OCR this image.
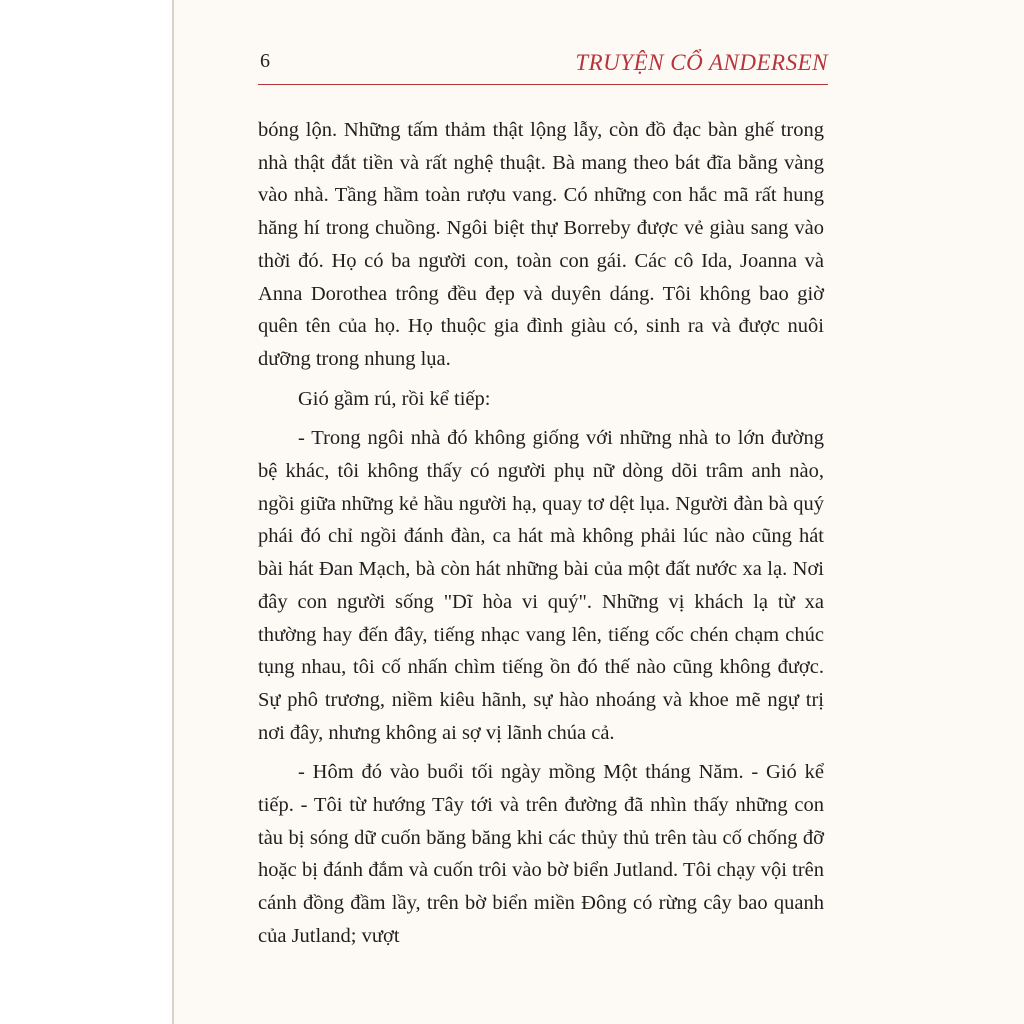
6	TRUYỆN CỔ ANDERSEN

bóng lộn. Những tấm thảm thật lộng lẫy, còn đồ đạc bàn ghế trong nhà thật đắt tiền và rất nghệ thuật. Bà mang theo bát đĩa bằng vàng vào nhà. Tầng hầm toàn rượu vang. Có những con hắc mã rất hung hăng hí trong chuồng. Ngôi biệt thự Borreby được vẻ giàu sang vào thời đó. Họ có ba người con, toàn con gái. Các cô Ida, Joanna và Anna Dorothea trông đều đẹp và duyên dáng. Tôi không bao giờ quên tên của họ. Họ thuộc gia đình giàu có, sinh ra và được nuôi dưỡng trong nhung lụa.

Gió gầm rú, rồi kể tiếp:

- Trong ngôi nhà đó không giống với những nhà to lớn đường bệ khác, tôi không thấy có người phụ nữ dòng dõi trâm anh nào, ngồi giữa những kẻ hầu người hạ, quay tơ dệt lụa. Người đàn bà quý phái đó chỉ ngồi đánh đàn, ca hát mà không phải lúc nào cũng hát bài hát Đan Mạch, bà còn hát những bài của một đất nước xa lạ. Nơi đây con người sống "Dĩ hòa vi quý". Những vị khách lạ từ xa thường hay đến đây, tiếng nhạc vang lên, tiếng cốc chén chạm chúc tụng nhau, tôi cố nhấn chìm tiếng ồn đó thế nào cũng không được. Sự phô trương, niềm kiêu hãnh, sự hào nhoáng và khoe mẽ ngự trị nơi đây, nhưng không ai sợ vị lãnh chúa cả.

- Hôm đó vào buổi tối ngày mồng Một tháng Năm. - Gió kể tiếp. - Tôi từ hướng Tây tới và trên đường đã nhìn thấy những con tàu bị sóng dữ cuốn băng băng khi các thủy thủ trên tàu cố chống đỡ hoặc bị đánh đắm và cuốn trôi vào bờ biển Jutland. Tôi chạy vội trên cánh đồng đầm lầy, trên bờ biển miền Đông có rừng cây bao quanh của Jutland; vượt
